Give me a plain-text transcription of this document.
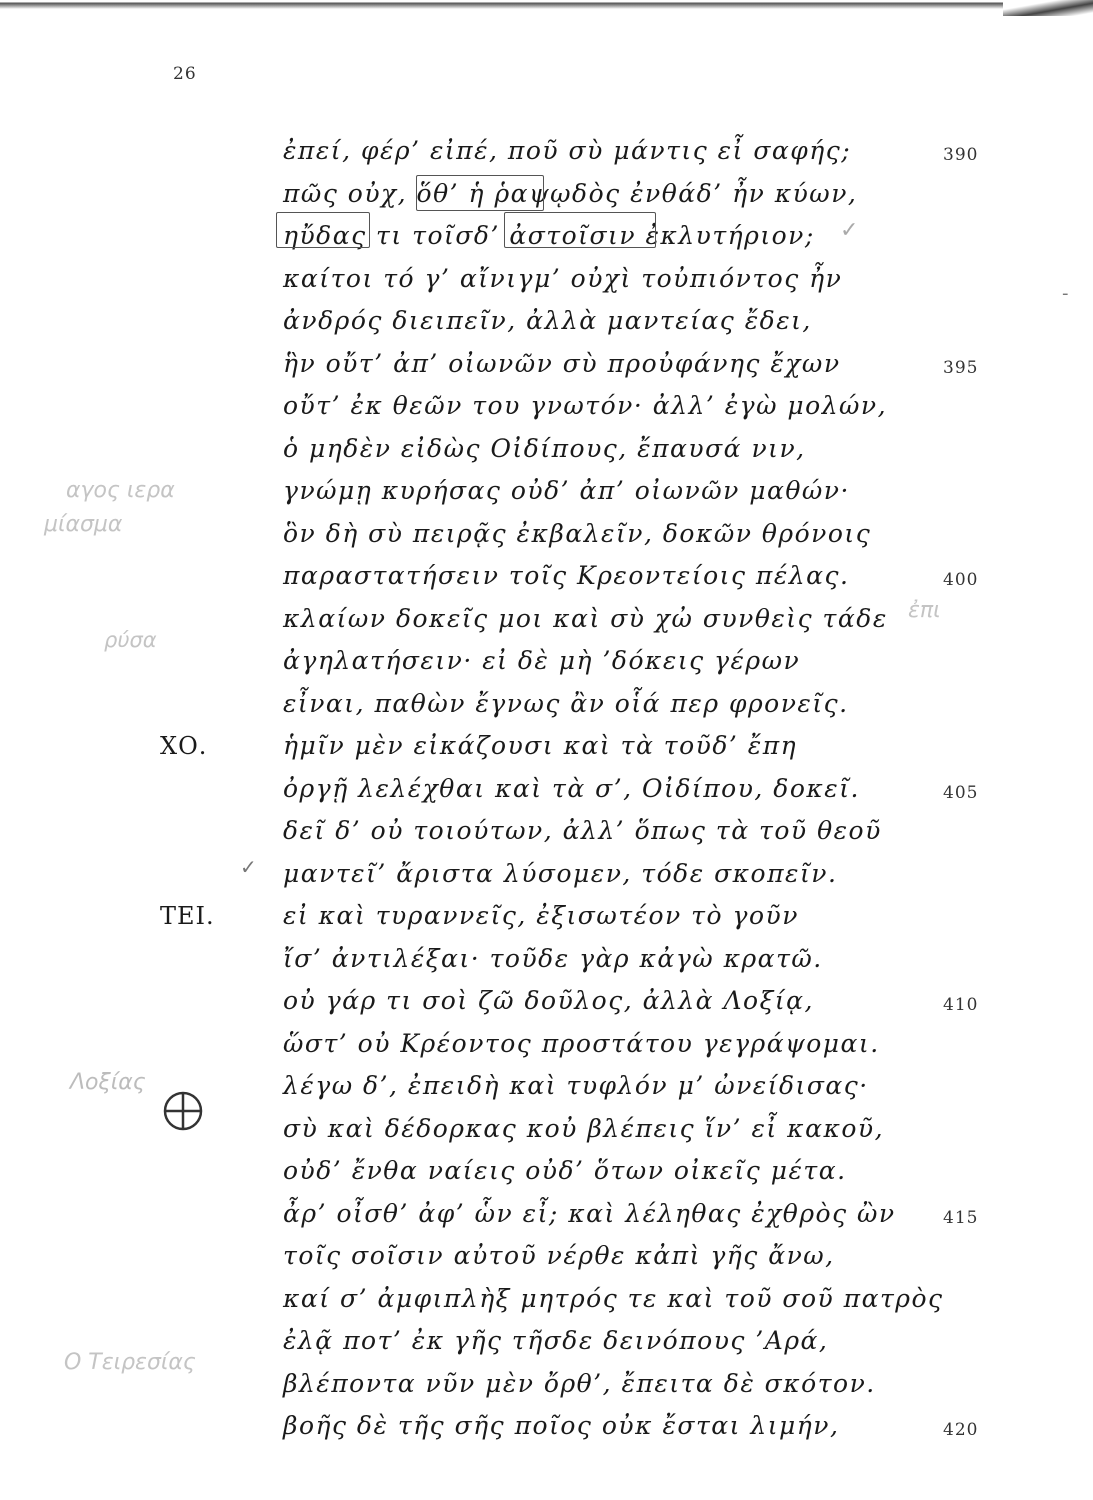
26
ἐπεί, φέρ’ εἰπέ, ποῦ σὺ μάντις εἶ σαφής;	390
πῶς οὐχ, ὅθ’ ἡ ῥαψῳδὸς ἐνθάδ’ ἦν κύων,
ηὔδας τι τοῖσδ’ ἀστοῖσιν ἐκλυτήριον;
καίτοι τό γ’ αἴνιγμ’ οὐχὶ τοὐπιόντος ἦν
ἀνδρός διειπεῖν, ἀλλὰ μαντείας ἔδει,
ἣν οὔτ’ ἀπ’ οἰωνῶν σὺ προὐφάνης ἔχων	395
οὔτ’ ἐκ θεῶν του γνωτόν· ἀλλ’ ἐγὼ μολών,
ὁ μηδὲν εἰδὼς Οἰδίπους, ἔπαυσά νιν,
γνώμῃ κυρήσας οὐδ’ ἀπ’ οἰωνῶν μαθών·
ὃν δὴ σὺ πειρᾷς ἐκβαλεῖν, δοκῶν θρόνοις
παραστατήσειν τοῖς Κρεοντείοις πέλας.	400
κλαίων δοκεῖς μοι καὶ σὺ χὠ συνθεὶς τάδε
ἀγηλατήσειν· εἰ δὲ μὴ ’δόκεις γέρων
εἶναι, παθὼν ἔγνως ἂν οἷά περ φρονεῖς.
ΧΟ.	ἡμῖν μὲν εἰκάζουσι καὶ τὰ τοῦδ’ ἔπη
ὀργῇ λελέχθαι καὶ τὰ σ’, Οἰδίπου, δοκεῖ.	405
δεῖ δ’ οὐ τοιούτων, ἀλλ’ ὅπως τὰ τοῦ θεοῦ
μαντεῖ’ ἄριστα λύσομεν, τόδε σκοπεῖν.
ΤΕΙ.	εἰ καὶ τυραννεῖς, ἐξισωτέον τὸ γοῦν
ἴσ’ ἀντιλέξαι· τοῦδε γὰρ κἀγὼ κρατῶ.
οὐ γάρ τι σοὶ ζῶ δοῦλος, ἀλλὰ Λοξίᾳ,	410
ὥστ’ οὐ Κρέοντος προστάτου γεγράψομαι.
λέγω δ’, ἐπειδὴ καὶ τυφλόν μ’ ὠνείδισας·
σὺ καὶ δέδορκας κοὐ βλέπεις ἵν’ εἶ κακοῦ,
οὐδ’ ἔνθα ναίεις οὐδ’ ὅτων οἰκεῖς μέτα.
ἆρ’ οἶσθ’ ἀφ’ ὧν εἶ; καὶ λέληθας ἐχθρὸς ὢν	415
τοῖς σοῖσιν αὐτοῦ νέρθε κἀπὶ γῆς ἄνω,
καί σ’ ἀμφιπλὴξ μητρός τε καὶ τοῦ σοῦ πατρὸς
ἐλᾷ ποτ’ ἐκ γῆς τῆσδε δεινόπους ’Αρά,
βλέποντα νῦν μὲν ὄρθ’, ἔπειτα δὲ σκότον.
βοῆς δὲ τῆς σῆς ποῖος οὐκ ἔσται λιμήν,	420
αγος ιερα
μίασμα
ρύσα
ἐπι
Λοξίας
Ο Τειρεσίας
✓
✓
-
